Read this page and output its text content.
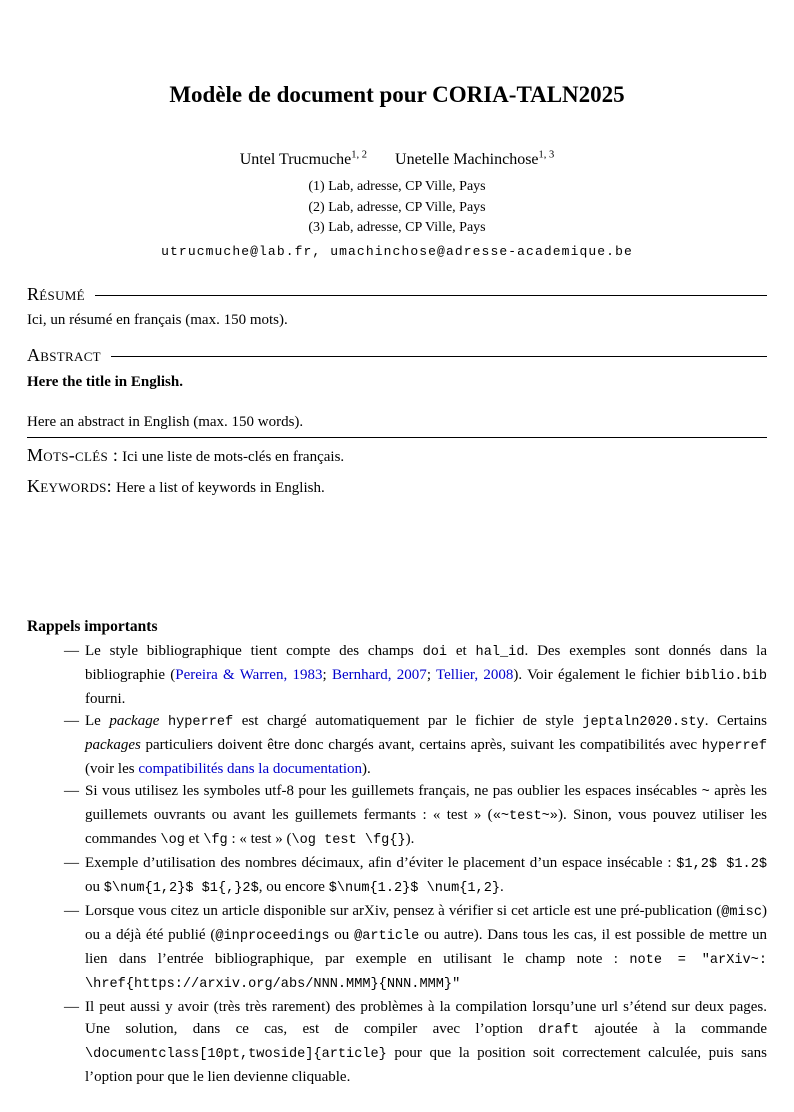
Modèle de document pour CORIA-TALN2025
Untel Trucmuche$^{1, 2}$ Unetelle Machinchose$^{1, 3}$

(1) Lab, adresse, CP Ville, Pays

(2) Lab, adresse, CP Ville, Pays

(3) Lab, adresse, CP Ville, Pays

utrucmuche@lab.fr, umachinchose@adresse-academique.be
Résumé

Ici, un résumé en français (max. 150 mots).

Abstract

Here the title in English.

Here an abstract in English (max. 150 words).

Mots-clés : Ici une liste de mots-clés en français.

Keywords: Here a list of keywords in English.

Rappels importants
— Le style bibliographique tient compte des champs doi et hal_id. Des exemples sont donnés dans la bibliographie (Pereira & Warren, 1983; Bernhard, 2007; Tellier, 2008). Voir également le fichier biblio.bib fourni.
— Le package hyperref est chargé automatiquement par le fichier de style jeptaln2020.sty. Certains packages particuliers doivent être donc chargés avant, certains après, suivant les compatibilités avec hyperref (voir les compatibilités dans la documentation).
— Si vous utilisez les symboles utf-8 pour les guillemets français, ne pas oublier les espaces insécables ~ après les guillemets ouvrants ou avant les guillemets fermants : « test » («~test~»). Sinon, vous pouvez utiliser les commandes \og et \fg : « test » (\og test \fg{}).
— Exemple d’utilisation des nombres décimaux, afin d’éviter le placement d’un espace insécable : $1,2$ $1.2$ ou $\num{1,2}$ $1{,}2$, ou encore $\num{1.2}$ \num{1,2}.
— Lorsque vous citez un article disponible sur arXiv, pensez à vérifier si cet article est une pré-publication (@misc) ou a déjà été publié (@inproceedings ou @article ou autre). Dans tous les cas, il est possible de mettre un lien dans l’entrée bibliographique, par exemple en utilisant le champ note : note = "arXiv~: \href{https://arxiv.org/abs/NNN.MMM}{NNN.MMM}"
— Il peut aussi y avoir (très très rarement) des problèmes à la compilation lorsqu’une url s’étend sur deux pages. Une solution, dans ce cas, est de compiler avec l’option draft ajoutée à la commande \documentclass[10pt,twoside]{article} pour que la position soit correctement calculée, puis sans l’option pour que le lien devienne cliquable.
